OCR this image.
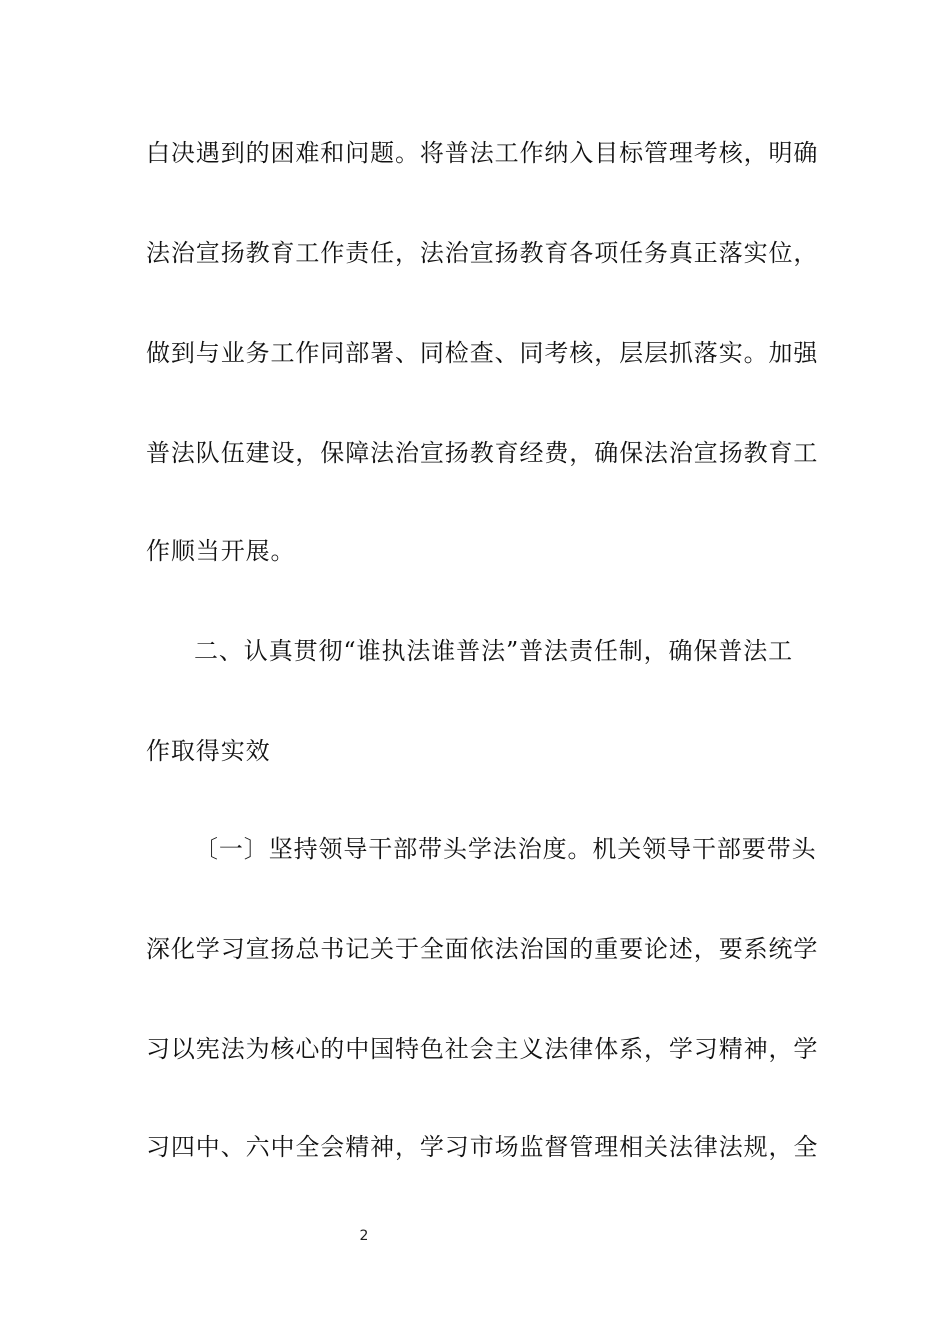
白决遇到的困难和问题。将普法工作纳入目标管理考核，明确
法治宣扬教育工作责任，法治宣扬教育各项任务真正落实位，
做到与业务工作同部署、同检查、同考核，层层抓落实。加强
普法队伍建设，保障法治宣扬教育经费，确保法治宣扬教育工
作顺当开展。
二、认真贯彻“谁执法谁普法”普法责任制，确保普法工
作取得实效
〔一〕坚持领导干部带头学法治度。机关领导干部要带头
深化学习宣扬总书记关于全面依法治国的重要论述，要系统学
习以宪法为核心的中国特色社会主义法律体系，学习精神，学
习四中、六中全会精神，学习市场监督管理相关法律法规，全
2
